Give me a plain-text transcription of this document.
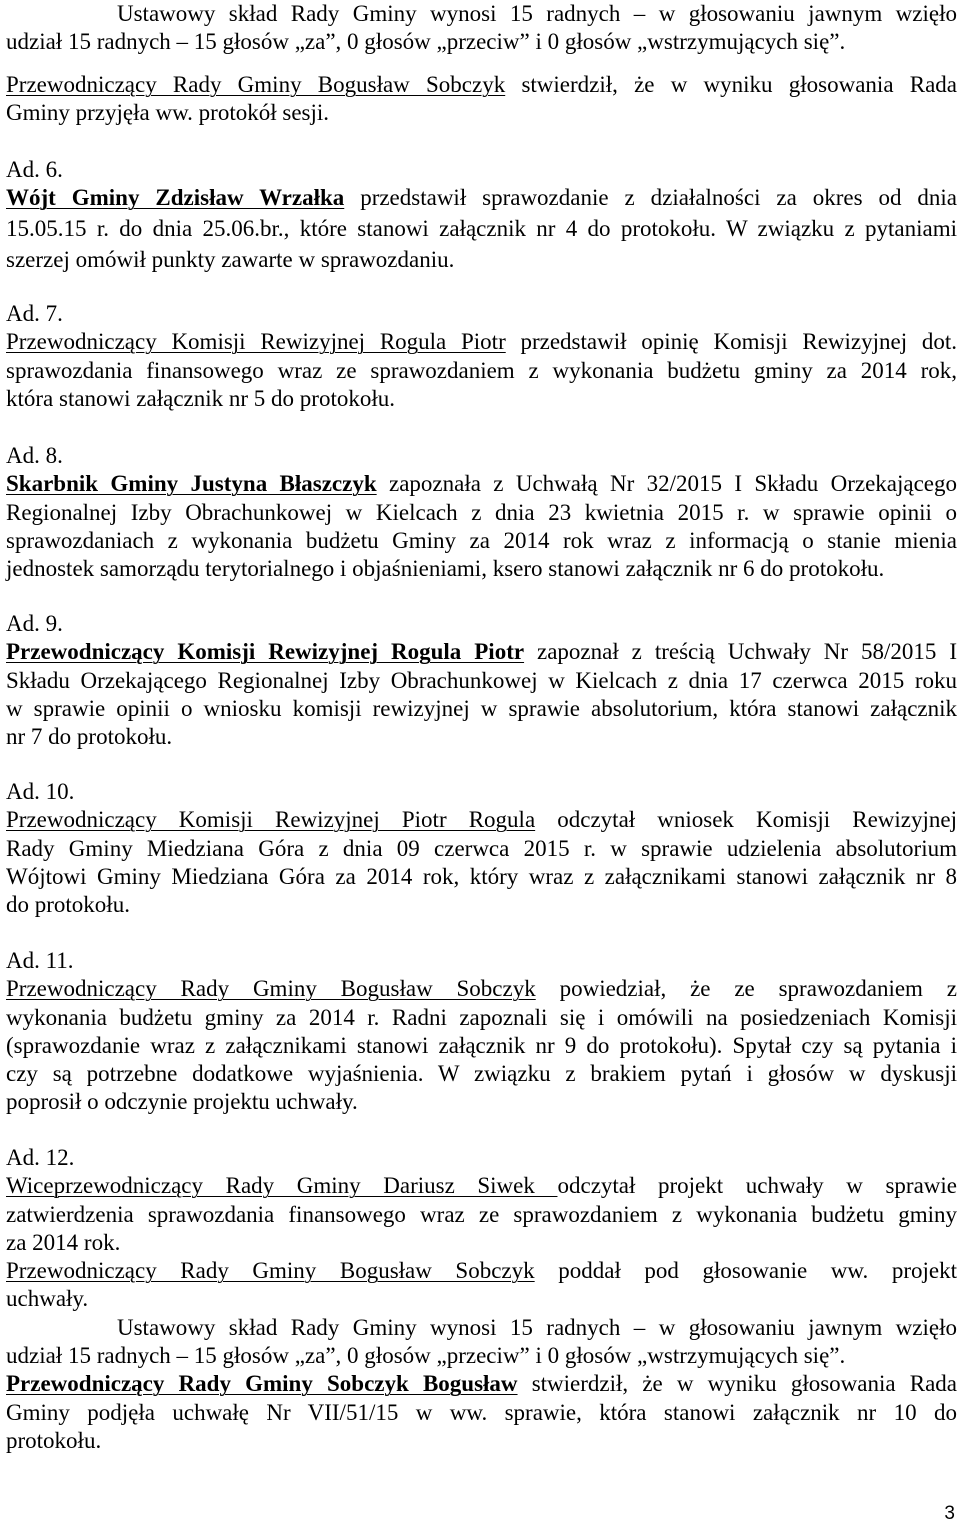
Ustawowy skład Rady Gminy wynosi 15 radnych – w głosowaniu jawnym wzięło
udział 15 radnych – 15 głosów „za”, 0 głosów „przeciw” i 0 głosów „wstrzymujących się”.
Przewodniczący Rady Gminy Bogusław Sobczyk stwierdził, że w wyniku głosowania Rada
Gminy przyjęła ww. protokół sesji.
Ad. 6.
Wójt Gminy Zdzisław Wrzałka przedstawił sprawozdanie z działalności za okres od dnia
15.05.15 r. do dnia 25.06.br., które stanowi załącznik nr 4 do protokołu. W związku z pytaniami
szerzej omówił punkty zawarte w sprawozdaniu.
Ad. 7.
Przewodniczący Komisji Rewizyjnej Rogula Piotr przedstawił opinię Komisji Rewizyjnej dot.
sprawozdania finansowego wraz ze sprawozdaniem z wykonania budżetu gminy za 2014 rok,
która stanowi załącznik nr 5 do protokołu.
Ad. 8.
Skarbnik Gminy Justyna Błaszczyk zapoznała z Uchwałą Nr 32/2015 I Składu Orzekającego
Regionalnej Izby Obrachunkowej w Kielcach z dnia 23 kwietnia 2015 r. w sprawie opinii o
sprawozdaniach z wykonania budżetu Gminy za 2014 rok wraz z informacją o stanie mienia
jednostek samorządu terytorialnego i objaśnieniami, ksero stanowi załącznik nr 6 do protokołu.
Ad. 9.
Przewodniczący Komisji Rewizyjnej Rogula Piotr zapoznał z treścią Uchwały Nr 58/2015 I
Składu Orzekającego Regionalnej Izby Obrachunkowej w Kielcach z dnia 17 czerwca 2015 roku
w sprawie opinii o wniosku komisji rewizyjnej w sprawie absolutorium, która stanowi załącznik
nr 7 do protokołu.
Ad. 10.
Przewodniczący Komisji Rewizyjnej Piotr Rogula odczytał wniosek Komisji Rewizyjnej
Rady Gminy Miedziana Góra z dnia 09 czerwca 2015 r. w sprawie udzielenia absolutorium
Wójtowi Gminy Miedziana Góra za 2014 rok, który wraz z załącznikami stanowi załącznik nr 8
do protokołu.
Ad. 11.
Przewodniczący Rady Gminy Bogusław Sobczyk powiedział, że ze sprawozdaniem z
wykonania budżetu gminy za 2014 r. Radni zapoznali się i omówili na posiedzeniach Komisji
(sprawozdanie wraz z załącznikami stanowi załącznik nr 9 do protokołu). Spytał czy są pytania i
czy są potrzebne dodatkowe wyjaśnienia. W związku z brakiem pytań i głosów w dyskusji
poprosił o odczynie projektu uchwały.
Ad. 12.
Wiceprzewodniczący Rady Gminy Dariusz Siwek odczytał projekt uchwały w sprawie
zatwierdzenia sprawozdania finansowego wraz ze sprawozdaniem z wykonania budżetu gminy
za 2014 rok.
Przewodniczący Rady Gminy Bogusław Sobczyk poddał pod głosowanie ww. projekt
uchwały.
Ustawowy skład Rady Gminy wynosi 15 radnych – w głosowaniu jawnym wzięło
udział 15 radnych – 15 głosów „za”, 0 głosów „przeciw” i 0 głosów „wstrzymujących się”.
Przewodniczący Rady Gminy Sobczyk Bogusław stwierdził, że w wyniku głosowania Rada
Gminy podjęła uchwałę Nr VII/51/15 w ww. sprawie, która stanowi załącznik nr 10 do
protokołu.
3
